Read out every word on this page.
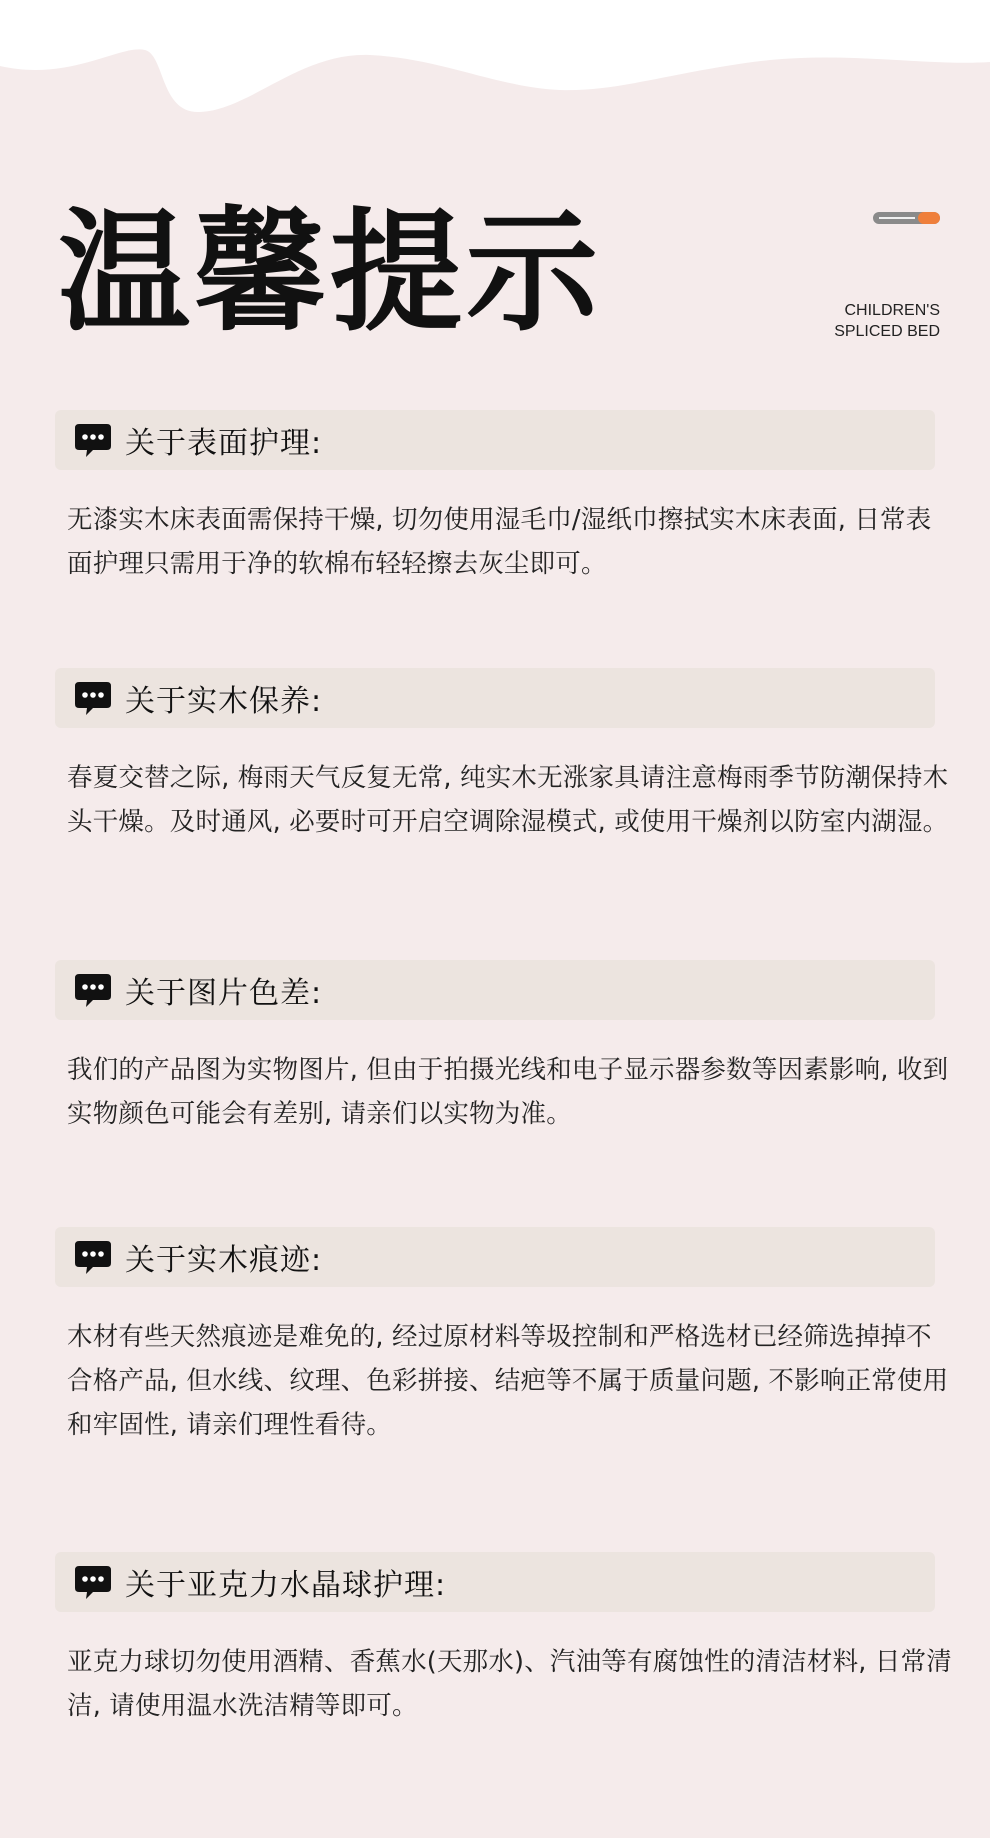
温馨提示	CHILDREN'S
SPLICED BED
关于表面护理:
无漆实木床表面需保持干燥, 切勿使用湿毛巾/湿纸巾擦拭实木床表面, 日常表面护理只需用于净的软棉布轻轻擦去灰尘即可。
关于实木保养:
春夏交替之际, 梅雨天气反复无常, 纯实木无涨家具请注意梅雨季节防潮保持木头干燥。及时通风, 必要时可开启空调除湿模式, 或使用干燥剂以防室内湖湿。
关于图片色差:
我们的产品图为实物图片, 但由于拍摄光线和电子显示器参数等因素影响, 收到实物颜色可能会有差别, 请亲们以实物为准。
关于实木痕迹:
木材有些天然痕迹是难免的, 经过原材料等圾控制和严格选材已经筛选掉掉不合格产品, 但水线、纹理、色彩拼接、结疤等不属于质量问题, 不影响正常使用和牢固性, 请亲们理性看待。
关于亚克力水晶球护理:
亚克力球切勿使用酒精、香蕉水(天那水)、汽油等有腐蚀性的清洁材料, 日常清洁, 请使用温水洗洁精等即可。
